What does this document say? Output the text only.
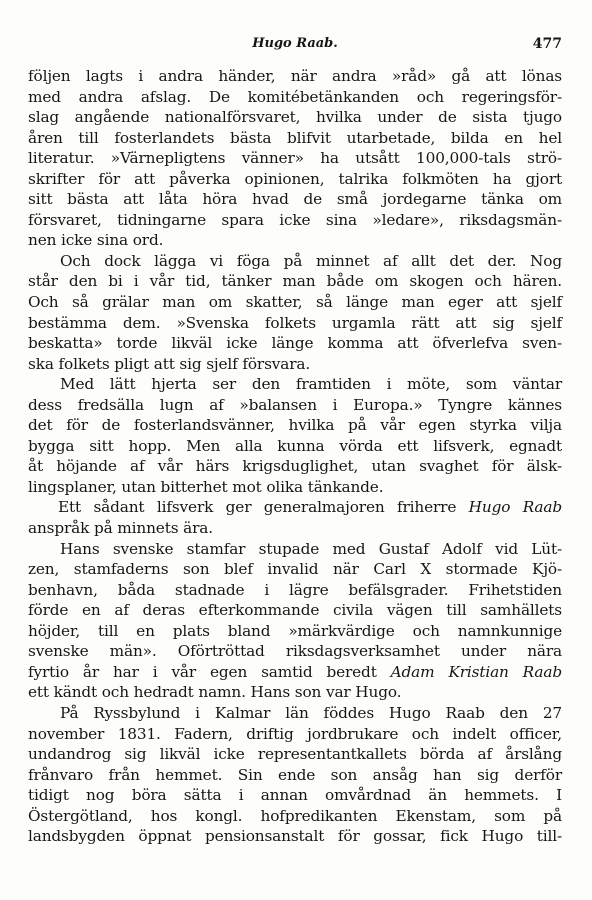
Hugo Raab.	477
följen lagts i andra händer, när andra »råd» gå att lönas
med andra afslag. De komitébetänkanden och regeringsför-
slag angående nationalförsvaret, hvilka under de sista tjugo
åren till fosterlandets bästa blifvit utarbetade, bilda en hel
literatur. »Värnepligtens vänner» ha utsått 100,000-tals strö-
skrifter för att påverka opinionen, talrika folkmöten ha gjort
sitt bästa att låta höra hvad de små jordegarne tänka om
försvaret, tidningarne spara icke sina »ledare», riksdagsmän-
nen icke sina ord.
Och dock lägga vi föga på minnet af allt det der. Nog
står den bi i vår tid, tänker man både om skogen och hären.
Och så grälar man om skatter, så länge man eger att sjelf
bestämma dem. »Svenska folkets urgamla rätt att sig sjelf
beskatta» torde likväl icke länge komma att öfverlefva sven-
ska folkets pligt att sig sjelf försvara.
Med lätt hjerta ser den framtiden i möte, som väntar
dess fredsälla lugn af »balansen i Europa.» Tyngre kännes
det för de fosterlandsvänner, hvilka på vår egen styrka vilja
bygga sitt hopp. Men alla kunna vörda ett lifsverk, egnadt
åt höjande af vår härs krigsduglighet, utan svaghet för älsk-
lingsplaner, utan bitterhet mot olika tänkande.
Ett sådant lifsverk ger generalmajoren friherre Hugo Raab
anspråk på minnets ära.
Hans svenske stamfar stupade med Gustaf Adolf vid Lüt-
zen, stamfaderns son blef invalid när Carl X stormade Kjö-
benhavn, båda stadnade i lägre befälsgrader. Frihetstiden
förde en af deras efterkommande civila vägen till samhällets
höjder, till en plats bland »märkvärdige och namnkunnige
svenske män». Oförtröttad riksdagsverksamhet under nära
fyrtio år har i vår egen samtid beredt Adam Kristian Raab
ett kändt och hedradt namn. Hans son var Hugo.
På Ryssbylund i Kalmar län föddes Hugo Raab den 27
november 1831. Fadern, driftig jordbrukare och indelt officer,
undandrog sig likväl icke representantkallets börda af årslång
frånvaro från hemmet. Sin ende son ansåg han sig derför
tidigt nog böra sätta i annan omvårdnad än hemmets. I
Östergötland, hos kongl. hofpredikanten Ekenstam, som på
landsbygden öppnat pensionsanstalt för gossar, fick Hugo till-
